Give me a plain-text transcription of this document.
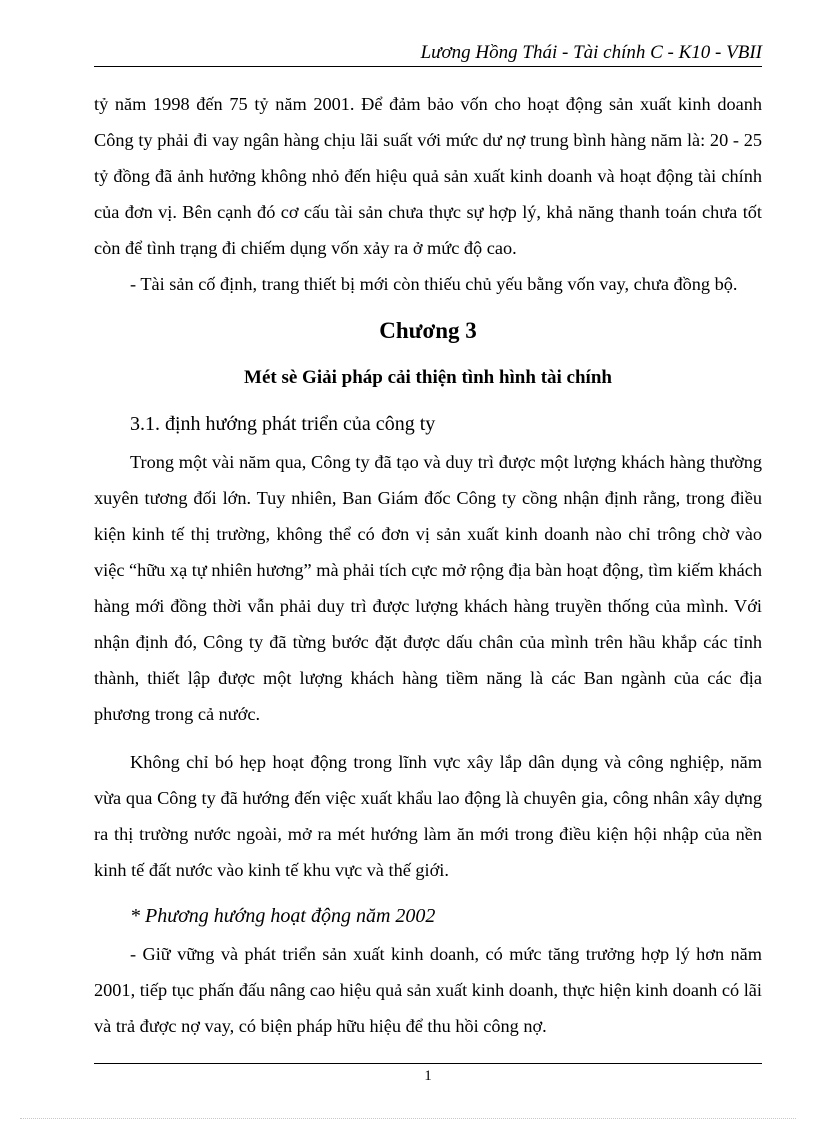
Lương Hồng Thái - Tài chính C - K10 - VBII

tỷ năm 1998 đến 75 tỷ năm 2001. Để đảm bảo vốn cho hoạt động sản xuất kinh doanh Công ty phải đi vay ngân hàng chịu lãi suất với mức dư nợ trung bình hàng năm là: 20 - 25 tỷ đồng đã ảnh hưởng không nhỏ đến hiệu quả sản xuất kinh doanh và hoạt động tài chính của đơn vị. Bên cạnh đó cơ cấu tài sản chưa thực sự hợp lý, khả năng thanh toán chưa tốt còn để tình trạng đi chiếm dụng vốn xảy ra ở mức độ cao.

- Tài sản cố định, trang thiết bị mới còn thiếu chủ yếu bằng vốn vay, chưa đồng bộ.

Chương 3

Mét sè Giải pháp cải thiện tình hình tài chính

3.1. định hướng phát triển của công ty

Trong một vài năm qua, Công ty đã tạo và duy trì được một lượng khách hàng thường xuyên tương đối lớn. Tuy nhiên, Ban Giám đốc Công ty cồng nhận định rằng, trong điều kiện kinh tế thị trường, không thể có đơn vị sản xuất kinh doanh nào chỉ trông chờ vào việc “hữu xạ tự nhiên hương” mà phải tích cực mở rộng địa bàn hoạt động, tìm kiếm khách hàng mới đồng thời vẫn phải duy trì được lượng khách hàng truyền thống của mình. Với nhận định đó, Công ty đã từng bước đặt được dấu chân của mình trên hầu khắp các tỉnh thành, thiết lập được một lượng khách hàng tiềm năng là các Ban ngành của các địa phương trong cả nước.

Không chỉ bó hẹp hoạt động trong lĩnh vực xây lắp dân dụng và công nghiệp, năm vừa qua Công ty đã hướng đến việc xuất khẩu lao động là chuyên gia, công nhân xây dựng ra thị trường nước ngoài, mở ra mét hướng làm ăn mới trong điều kiện hội nhập của nền kinh tế đất nước vào kinh tế khu vực và thế giới.

* Phương hướng hoạt động năm 2002

- Giữ vững và phát triển sản xuất kinh doanh, có mức tăng trưởng hợp lý hơn năm 2001, tiếp tục phấn đấu nâng cao hiệu quả sản xuất kinh doanh, thực hiện kinh doanh có lãi và trả được nợ vay, có biện pháp hữu hiệu để thu hồi công nợ.

1
